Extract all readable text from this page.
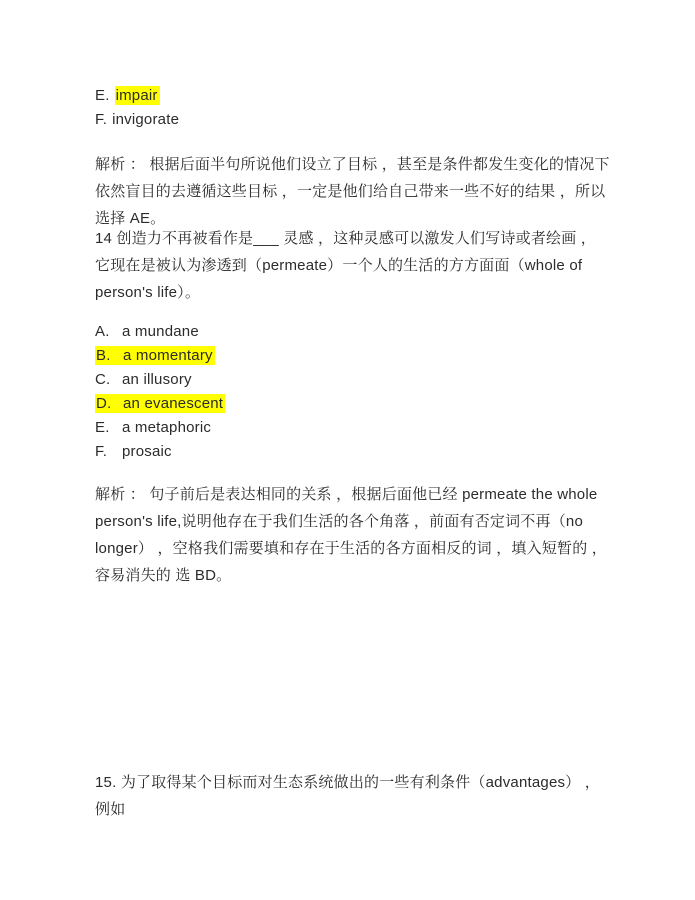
E. impair
F. invigorate
解析 ： 根据后面半句所说他们设立了目标 ，甚至是条件都发生变化的情况下依然盲目的去遵循这些目标 ，一定是他们给自己带来一些不好的结果 ，所以选择 AE。
14 创造力不再被看作是___ 灵感 ，这种灵感可以激发人们写诗或者绘画 ， 它现在是被认为渗透到（permeate）一个人的生活的方方面面（whole of person's life）。
A. a mundane
B. a momentary
C. an illusory
D. an evanescent
E. a metaphoric
F. prosaic
解析 ： 句子前后是表达相同的关系 ，根据后面他已经 permeate the whole person's life,说明他存在于我们生活的各个角落 ，前面有否定词不再（no longer） ，空格我们需要填和存在于生活的各方面相反的词 ，填入短暂的 ，容易消失的 选 BD。
15. 为了取得某个目标而对生态系统做出的一些有利条件（advantages） ，例如
